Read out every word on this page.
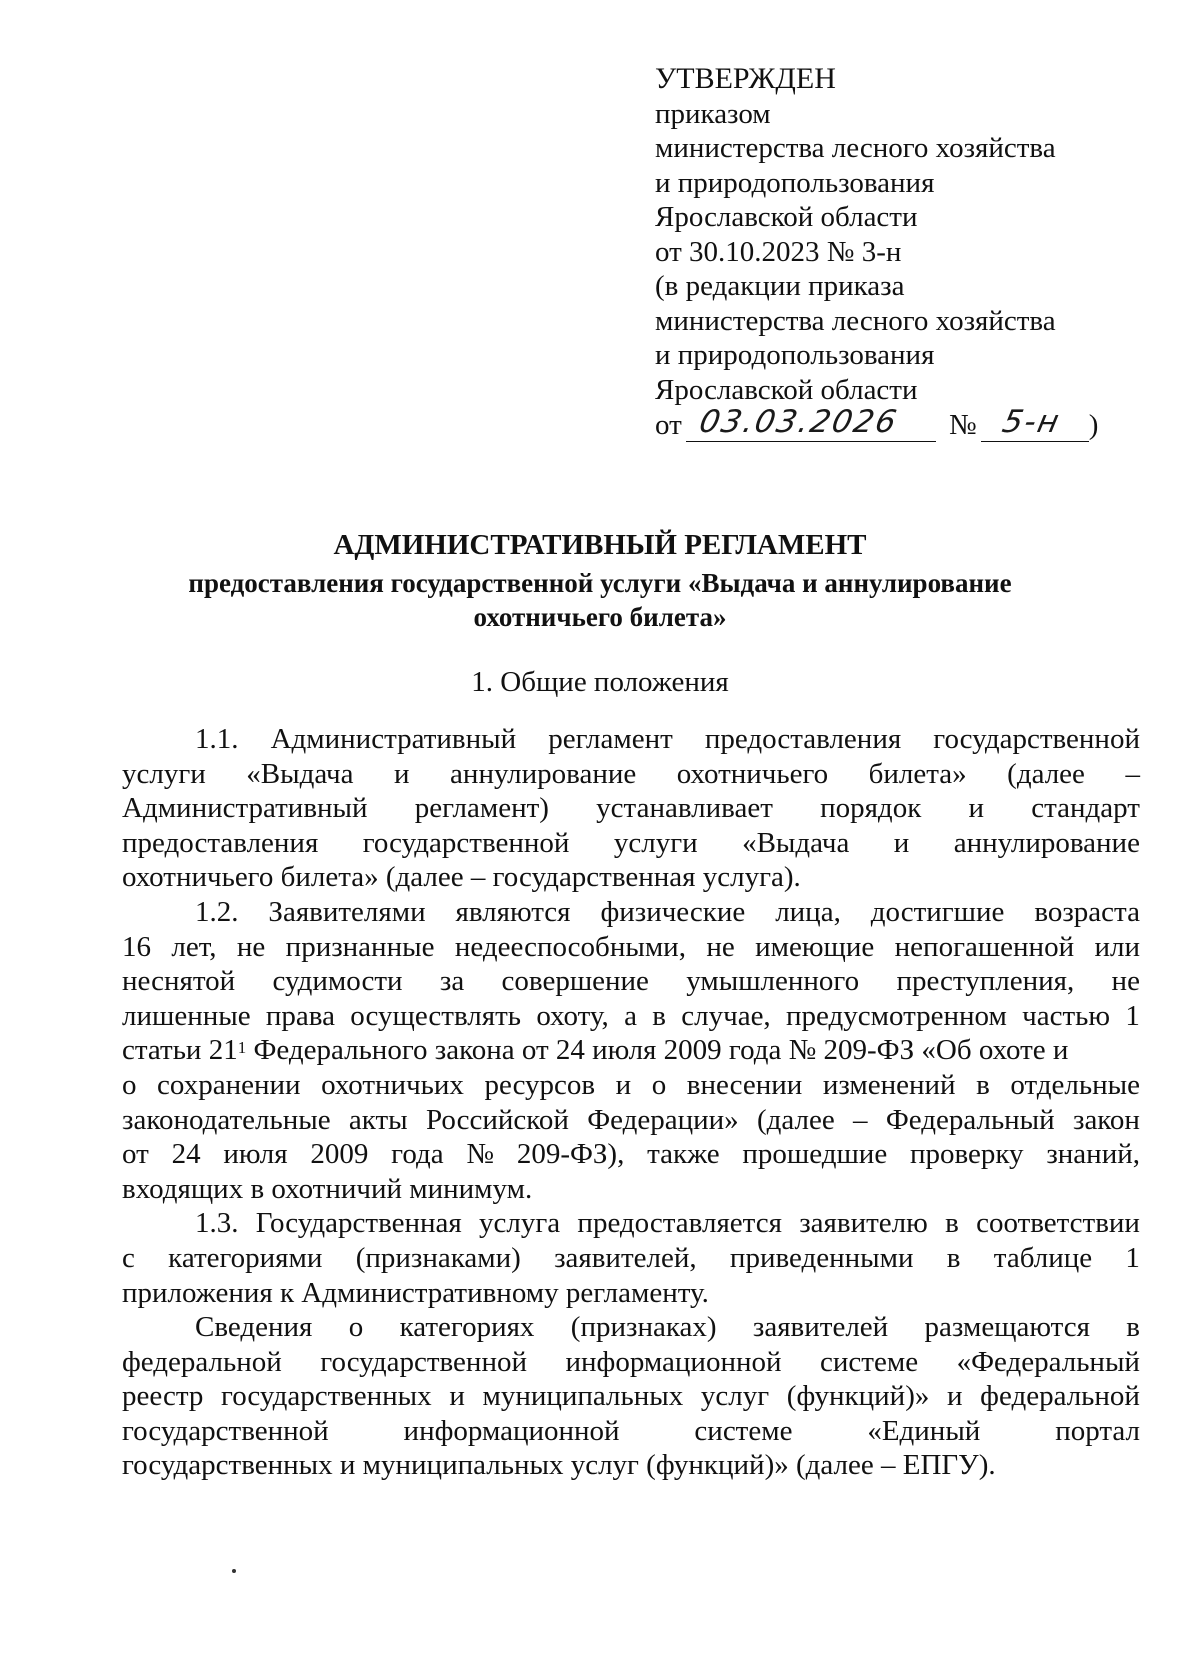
УТВЕРЖДЕН
приказом
министерства лесного хозяйства
и природопользования
Ярославской области
от 30.10.2023 № 3-н
(в редакции приказа
министерства лесного хозяйства
и природопользования
Ярославской области
от 03.03.2026 № 5-н )
АДМИНИСТРАТИВНЫЙ РЕГЛАМЕНТ
предоставления государственной услуги «Выдача и аннулирование
охотничьего билета»
1. Общие положения
1.1. Административный регламент предоставления государственной
услуги «Выдача и аннулирование охотничьего билета» (далее –
Административный регламент) устанавливает порядок и стандарт
предоставления государственной услуги «Выдача и аннулирование
охотничьего билета» (далее – государственная услуга).
1.2. Заявителями являются физические лица, достигшие возраста
16 лет, не признанные недееспособными, не имеющие непогашенной или
неснятой судимости за совершение умышленного преступления, не
лишенные права осуществлять охоту, а в случае, предусмотренном частью 1
статьи $21^1$ Федерального закона от 24 июля 2009 года № 209-ФЗ «Об охоте и
о сохранении охотничьих ресурсов и о внесении изменений в отдельные
законодательные акты Российской Федерации» (далее – Федеральный закон
от 24 июля 2009 года № 209-ФЗ), также прошедшие проверку знаний,
входящих в охотничий минимум.
1.3. Государственная услуга предоставляется заявителю в соответствии
с категориями (признаками) заявителей, приведенными в таблице 1
приложения к Административному регламенту.
Сведения о категориях (признаках) заявителей размещаются в
федеральной государственной информационной системе «Федеральный
реестр государственных и муниципальных услуг (функций)» и федеральной
государственной	информационной	системе	«Единый	портал
государственных и муниципальных услуг (функций)» (далее – ЕПГУ).
